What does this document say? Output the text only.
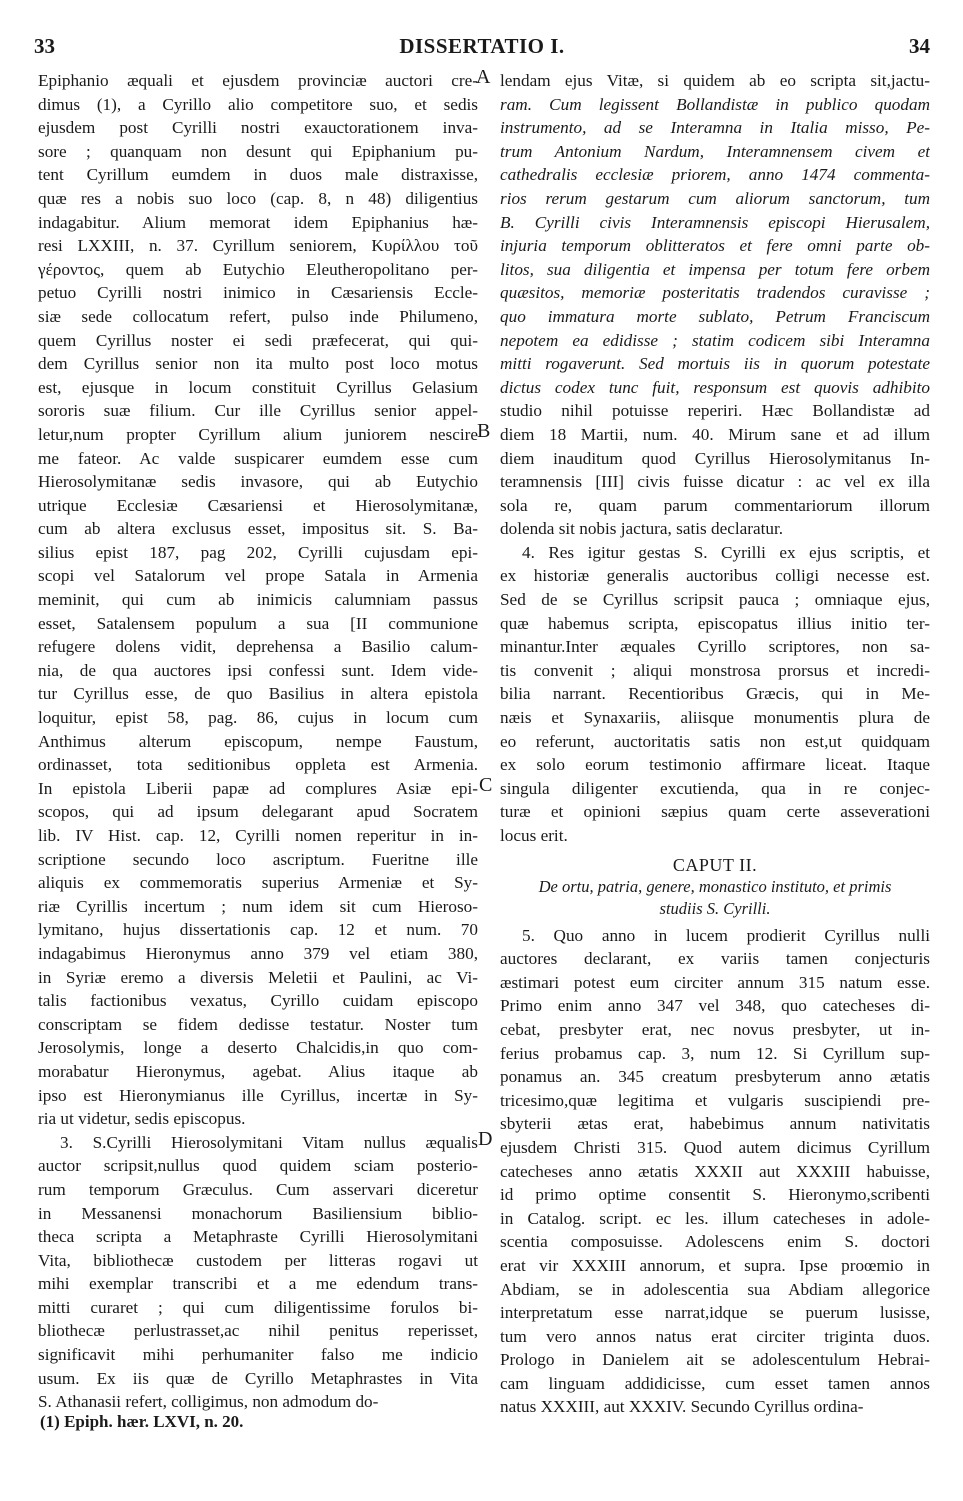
33	DISSERTATIO I.	34
A
B
C
D
Epiphanio æquali et ejusdem provinciæ auctori cre-
dimus (1), a Cyrillo alio competitore suo, et sedis
ejusdem post Cyrilli nostri exauctorationem inva-
sore ; quanquam non desunt qui Epiphanium pu-
tent Cyrillum eumdem in duos male distraxisse,
quæ res a nobis suo loco (cap. 8, n 48) diligentius
indagabitur. Alium memorat idem Epiphanius hæ-
resi LXXIII, n. 37. Cyrillum seniorem, Κυρίλλου τοῦ
γέροντος, quem ab Eutychio Eleutheropolitano per-
petuo Cyrilli nostri inimico in Cæsariensis Eccle-
siæ sede collocatum refert, pulso inde Philumeno,
quem Cyrillus noster ei sedi præfecerat, qui qui-
dem Cyrillus senior non ita multo post loco motus
est, ejusque in locum constituit Cyrillus Gelasium
sororis suæ filium. Cur ille Cyrillus senior appel-
letur,num propter Cyrillum alium juniorem nescire
me fateor. Ac valde suspicarer eumdem esse cum
Hierosolymitanæ sedis invasore, qui ab Eutychio
utrique Ecclesiæ Cæsariensi et Hierosolymitanæ,
cum ab altera exclusus esset, impositus sit. S. Ba-
silius epist 187, pag 202, Cyrilli cujusdam epi-
scopi vel Satalorum vel prope Satala in Armenia
meminit, qui cum ab inimicis calumniam passus
esset, Satalensem populum a sua [II communione
refugere dolens vidit, deprehensa a Basilio calum-
nia, de qua auctores ipsi confessi sunt. Idem vide-
tur Cyrillus esse, de quo Basilius in altera epistola
loquitur, epist 58, pag. 86, cujus in locum cum
Anthimus alterum episcopum, nempe Faustum,
ordinasset, tota seditionibus oppleta est Armenia.
In epistola Liberii papæ ad complures Asiæ epi-
scopos, qui ad ipsum delegarant apud Socratem
lib. IV Hist. cap. 12, Cyrilli nomen reperitur in in-
scriptione secundo loco ascriptum. Fueritne ille
aliquis ex commemoratis superius Armeniæ et Sy-
riæ Cyrillis incertum ; num idem sit cum Hieroso-
lymitano, hujus dissertationis cap. 12 et num. 70
indagabimus Hieronymus anno 379 vel etiam 380,
in Syriæ eremo a diversis Meletii et Paulini, ac Vi-
talis factionibus vexatus, Cyrillo cuidam episcopo
conscriptam se fidem dedisse testatur. Noster tum
Jerosolymis, longe a deserto Chalcidis,in quo com-
morabatur Hieronymus, agebat. Alius itaque ab
ipso est Hieronymianus ille Cyrillus, incertæ in Sy-
ria ut videtur, sedis episcopus.
3. S.Cyrilli Hierosolymitani Vitam nullus æqualis
auctor scripsit,nullus quod quidem sciam posterio-
rum temporum Græculus. Cum asservari diceretur
in Messanensi monachorum Basiliensium biblio-
theca scripta a Metaphraste Cyrilli Hierosolymitani
Vita, bibliothecæ custodem per litteras rogavi ut
mihi exemplar transcribi et a me edendum trans-
mitti curaret ; qui cum diligentissime forulos bi-
bliothecæ perlustrasset,ac nihil penitus reperisset,
significavit mihi perhumaniter falso me indicio
usum. Ex iis quæ de Cyrillo Metaphrastes in Vita
S. Athanasii refert, colligimus, non admodum do-
lendam ejus Vitæ, si quidem ab eo scripta sit,jactu-
ram. Cum legissent Bollandistæ in publico quodam
instrumento, ad se Interamna in Italia misso, Pe-
trum Antonium Nardum, Interamnensem civem et
cathedralis ecclesiæ priorem, anno 1474 commenta-
rios rerum gestarum cum aliorum sanctorum, tum
B. Cyrilli civis Interamnensis episcopi Hierusalem,
injuria temporum oblitteratos et fere omni parte ob-
litos, sua diligentia et impensa per totum fere orbem
quæsitos, memoriæ posteritatis tradendos curavisse ;
quo immatura morte sublato, Petrum Franciscum
nepotem ea edidisse ; statim codicem sibi Interamna
mitti rogaverunt. Sed mortuis iis in quorum potestate
dictus codex tunc fuit, responsum est quovis adhibito
studio nihil potuisse reperiri. Hæc Bollandistæ ad
diem 18 Martii, num. 40. Mirum sane et ad illum
diem inauditum quod Cyrillus Hierosolymitanus In-
teramnensis [III] civis fuisse dicatur : ac vel ex illa
sola re, quam parum commentariorum illorum
dolenda sit nobis jactura, satis declaratur.
4. Res igitur gestas S. Cyrilli ex ejus scriptis, et
ex historiæ generalis auctoribus colligi necesse est.
Sed de se Cyrillus scripsit pauca ; omniaque ejus,
quæ habemus scripta, episcopatus illius initio ter-
minantur.Inter æquales Cyrillo scriptores, non sa-
tis convenit ; aliqui monstrosa prorsus et incredi-
bilia narrant. Recentioribus Græcis, qui in Me-
næis et Synaxariis, aliisque monumentis plura de
eo referunt, auctoritatis satis non est,ut quidquam
ex solo eorum testimonio affirmare liceat. Itaque
singula diligenter excutienda, qua in re conjec-
turæ et opinioni sæpius quam certe asseverationi
locus erit.
CAPUT II.
De ortu, patria, genere, monastico instituto, et primis
studiis S. Cyrilli.
5. Quo anno in lucem prodierit Cyrillus nulli
auctores declarant, ex variis tamen conjecturis
æstimari potest eum circiter annum 315 natum esse.
Primo enim anno 347 vel 348, quo catecheses di-
cebat, presbyter erat, nec novus presbyter, ut in-
ferius probamus cap. 3, num 12. Si Cyrillum sup-
ponamus an. 345 creatum presbyterum anno ætatis
tricesimo,quæ legitima et vulgaris suscipiendi pre-
sbyterii ætas erat, habebimus annum nativitatis
ejusdem Christi 315. Quod autem dicimus Cyrillum
catecheses anno ætatis XXXII aut XXXIII habuisse,
id primo optime consentit S. Hieronymo,scribenti
in Catalog. script. ec les. illum catecheses in adole-
scentia composuisse. Adolescens enim S. doctori
erat vir XXXIII annorum, et supra. Ipse proœmio in
Abdiam, se in adolescentia sua Abdiam allegorice
interpretatum esse narrat,idque se puerum lusisse,
tum vero annos natus erat circiter triginta duos.
Prologo in Danielem ait se adolescentulum Hebrai-
cam linguam addidicisse, cum esset tamen annos
natus XXXIII, aut XXXIV. Secundo Cyrillus ordina-
(1) Epiph. hær. LXVI, n. 20.
